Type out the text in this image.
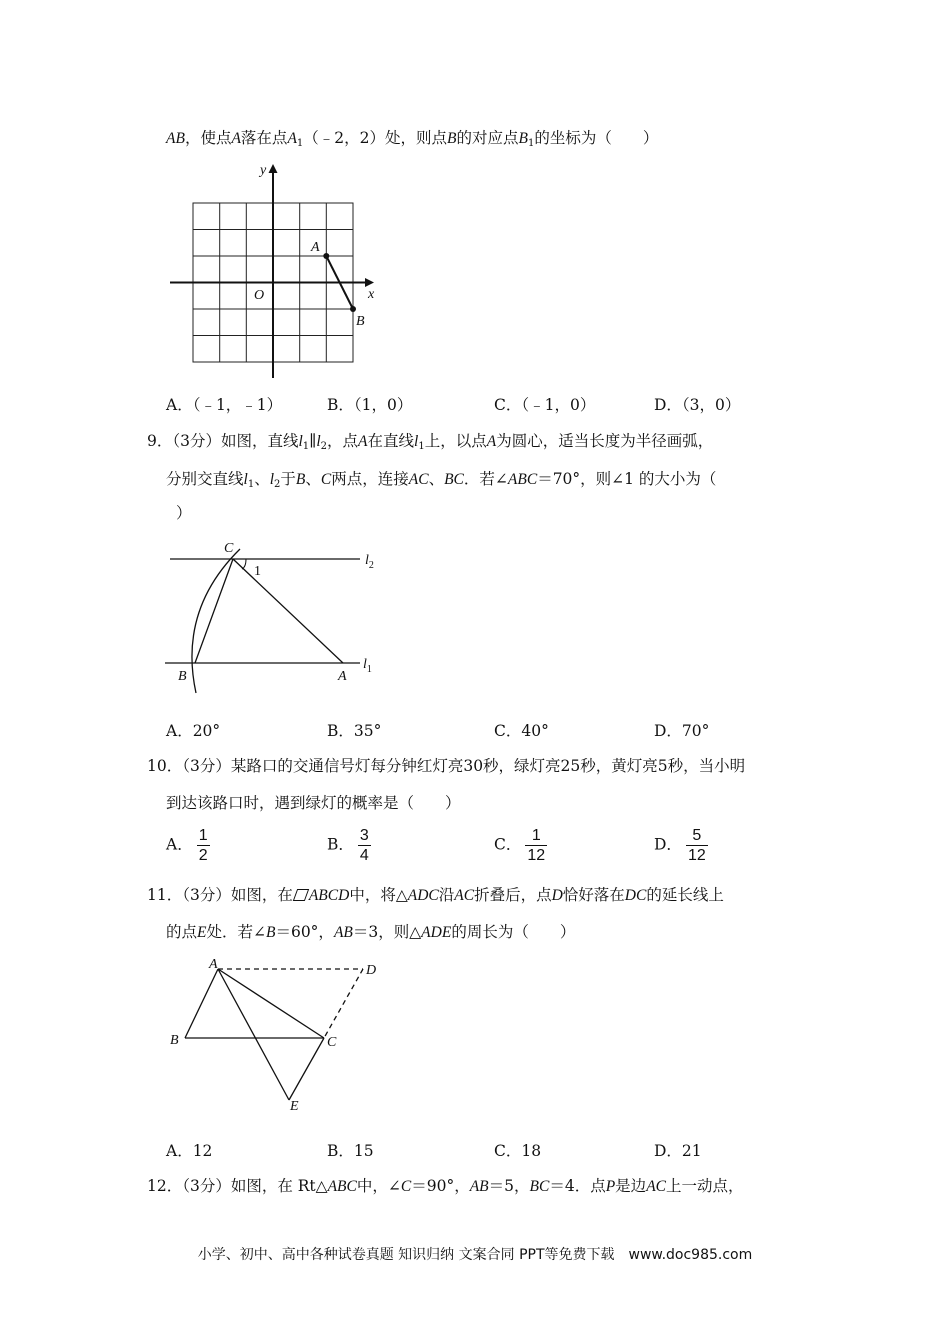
AB，使点A落在点$A_1(﹣2$，2）处，则点B的对应点$B_1$的坐标为（　　）
y
x
O
A
B
A．（﹣1，﹣1）	B．（1，0）	C．（﹣1，0）	D．（3，0）
9．（3分）如图，直线$l_1\parallel l_2$，点A在直线$l_1$上，以点A为圆心，适当长度为半径画弧，
分别交直线$l_1$、$l_2$于B、C两点，连接AC、BC．若∠ABC＝70°，则∠1 的大小为（
）
C
1
$l_2$
B	A
$l_1$
A．20°	B．35°	C．40°	D．70°
10．（3分）某路口的交通信号灯每分钟红灯亮30秒，绿灯亮25秒，黄灯亮5秒，当小明
到达该路口时，遇到绿灯的概率是（　　）
A． $\frac{1}{2}$	B． $\frac{3}{4}$	C． $\frac{1}{12}$	D． $\frac{5}{12}$
11．（3分）如图，在 ABCD中，将△ADC沿AC折叠后，点D恰好落在DC的延长线上
的点E处．若∠B＝60°，AB＝3，则△ADE的周长为（　　）
A	D
B	C
E
A．12	B．15	C．18	D．21
12．（3分）如图，在 Rt△ABC中，∠C＝90°，AB＝5，BC＝4．点P是边AC上一动点，
小学、初中、高中各种试卷真题 知识归纳 文案合同 PPT等免费下载　www.doc985.com
